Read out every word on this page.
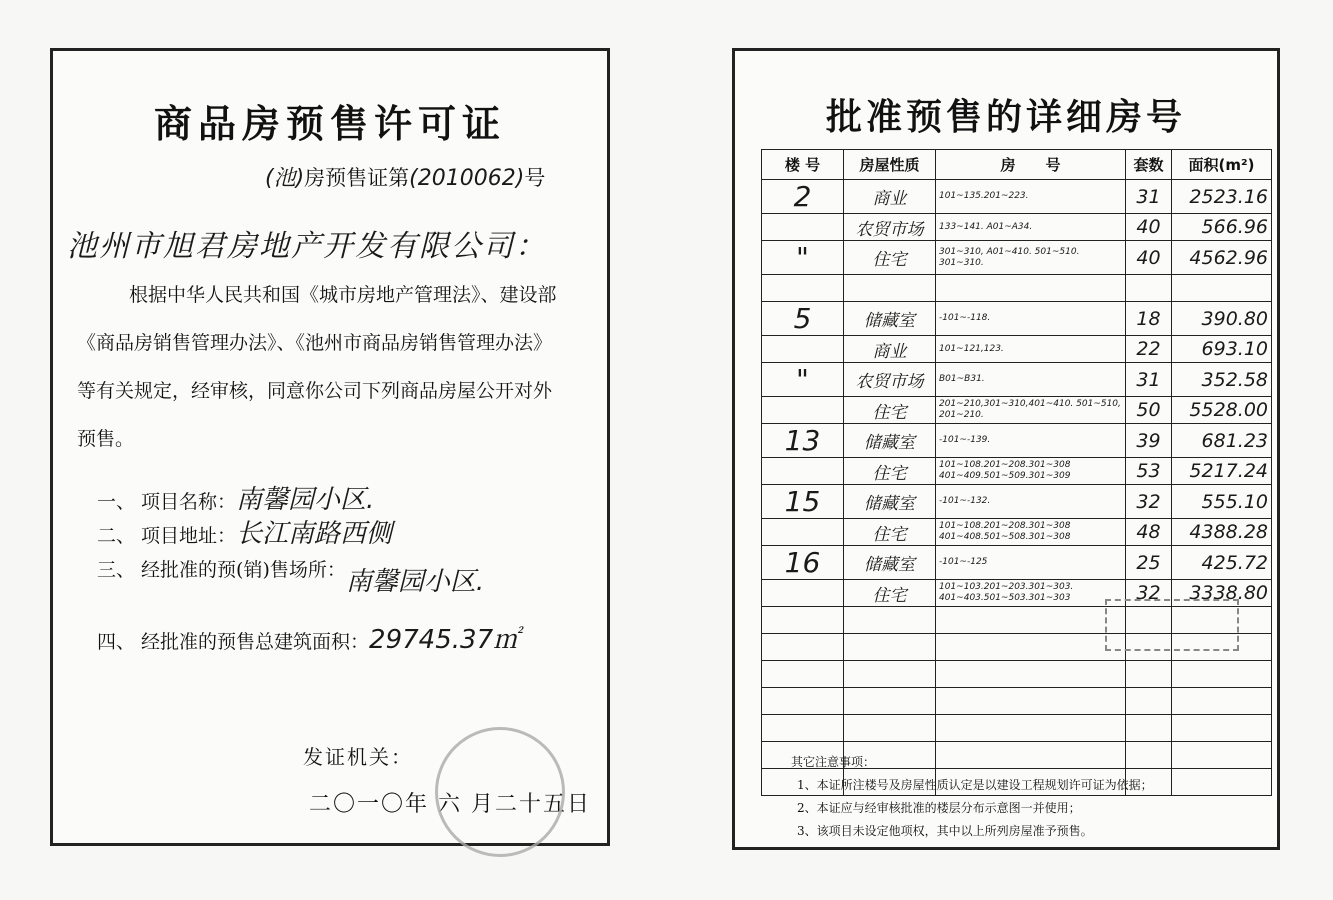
商品房预售许可证
(池)房预售证第(2010062)号
池州市旭君房地产开发有限公司：

根据中华人民共和国《城市房地产管理法》、建设部

《商品房销售管理办法》、《池州市商品房销售管理办法》

等有关规定，经审核，同意你公司下列商品房屋公开对外

预售。

一、 项目名称：南馨园小区.
二、 项目地址：长江南路西侧
三、 经批准的预(销)售场所：南馨园小区.
四、 经批准的预售总建筑面积：29745.37㎡
发证机关：
二〇一〇年 六 月二十五日
批准预售的详细房号
楼 号	房屋性质	房　　号	套数	面积(m²)
2	商业	101~135.201~223.	31	2523.16
	农贸市场	133~141. A01~A34.	40	566.96
"	住宅	301~310, A01~410. 501~510. 301~310.	40	4562.96

5	储藏室	-101~-118.	18	390.80
	商业	101~121,123.	22	693.10
"	农贸市场	B01~B31.	31	352.58
	住宅	201~210,301~310,401~410. 501~510, 201~210.	50	5528.00
13	储藏室	-101~-139.	39	681.23
	住宅	101~108.201~208.301~308 401~409.501~509.301~309	53	5217.24
15	储藏室	-101~-132.	32	555.10
	住宅	101~108.201~208.301~308 401~408.501~508.301~308	48	4388.28
16	储藏室	-101~-125	25	425.72
	住宅	101~103.201~203.301~303. 401~403.501~503.301~303	32	3338.80

其它注意事项：

1、本证所注楼号及房屋性质认定是以建设工程规划许可证为依据；

2、本证应与经审核批准的楼层分布示意图一并使用；

3、该项目未设定他项权，其中以上所列房屋准予预售。
